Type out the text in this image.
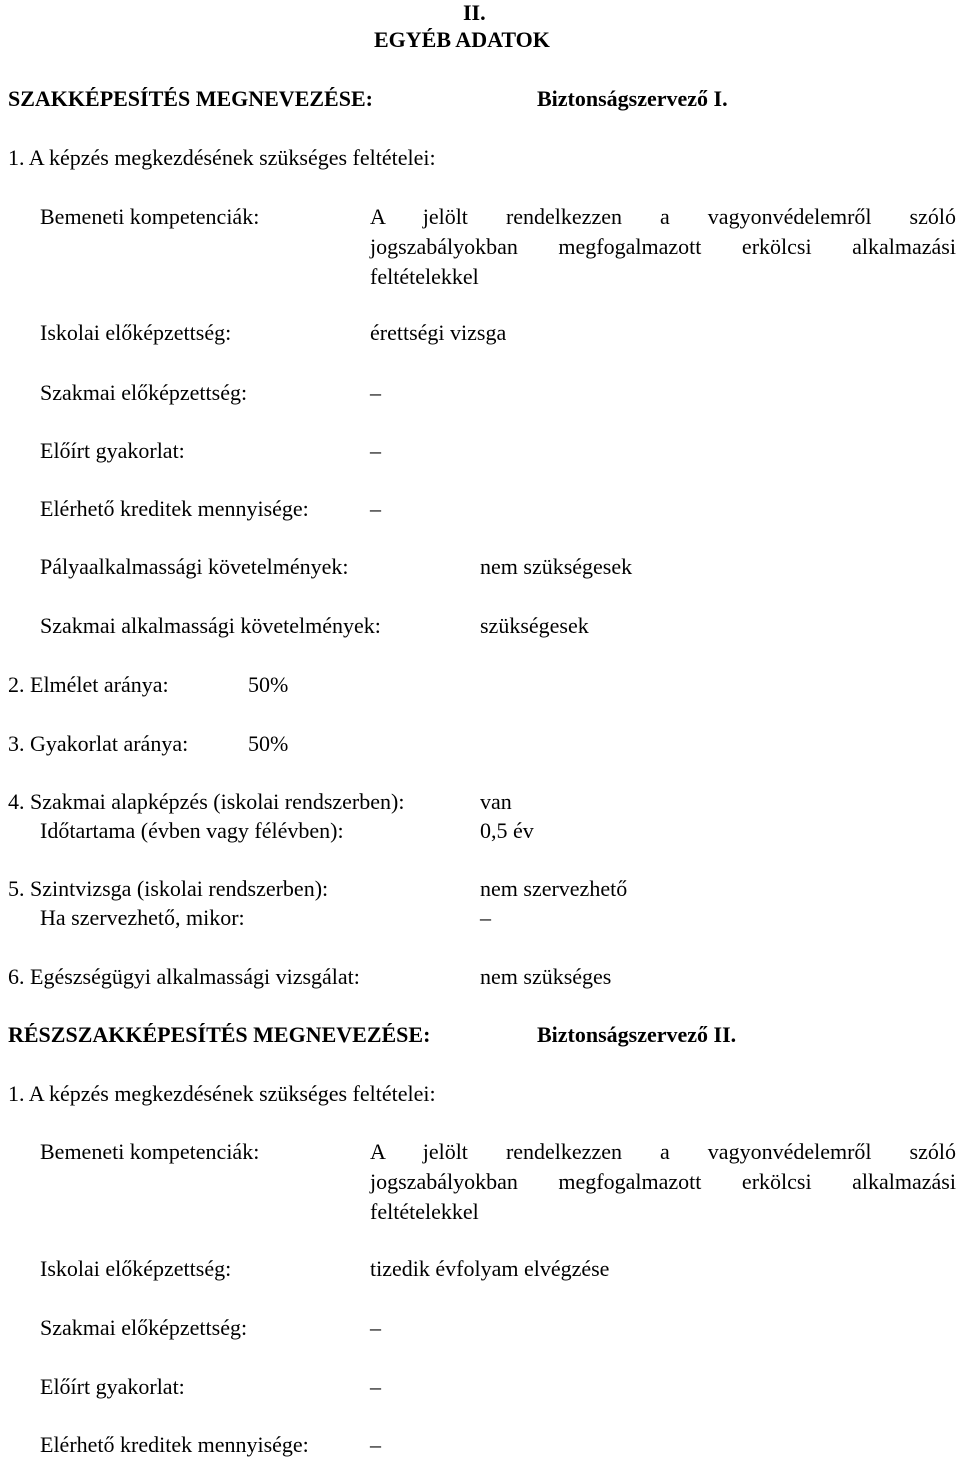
II.
EGYÉB ADATOK
SZAKKÉPESÍTÉS MEGNEVEZÉSE:	Biztonságszervező I.
1. A képzés megkezdésének szükséges feltételei:
Bemeneti kompetenciák:	A jelölt rendelkezzen a vagyonvédelemről szóló
jogszabályokban megfogalmazott erkölcsi alkalmazási
feltételekkel
Iskolai előképzettség:	érettségi vizsga
Szakmai előképzettség:	–
Előírt gyakorlat:	–
Elérhető kreditek mennyisége:	–
Pályaalkalmassági követelmények:	nem szükségesek
Szakmai alkalmassági követelmények:	szükségesek
2. Elmélet aránya:	50%
3. Gyakorlat aránya:	50%
4. Szakmai alapképzés (iskolai rendszerben):	van
Időtartama (évben vagy félévben):	0,5 év
5. Szintvizsga (iskolai rendszerben):	nem szervezhető
Ha szervezhető, mikor:	–
6. Egészségügyi alkalmassági vizsgálat:	nem szükséges
RÉSZSZAKKÉPESÍTÉS MEGNEVEZÉSE:	Biztonságszervező II.
1. A képzés megkezdésének szükséges feltételei:
Bemeneti kompetenciák:	A jelölt rendelkezzen a vagyonvédelemről szóló
jogszabályokban megfogalmazott erkölcsi alkalmazási
feltételekkel
Iskolai előképzettség:	tizedik évfolyam elvégzése
Szakmai előképzettség:	–
Előírt gyakorlat:	–
Elérhető kreditek mennyisége:	–
